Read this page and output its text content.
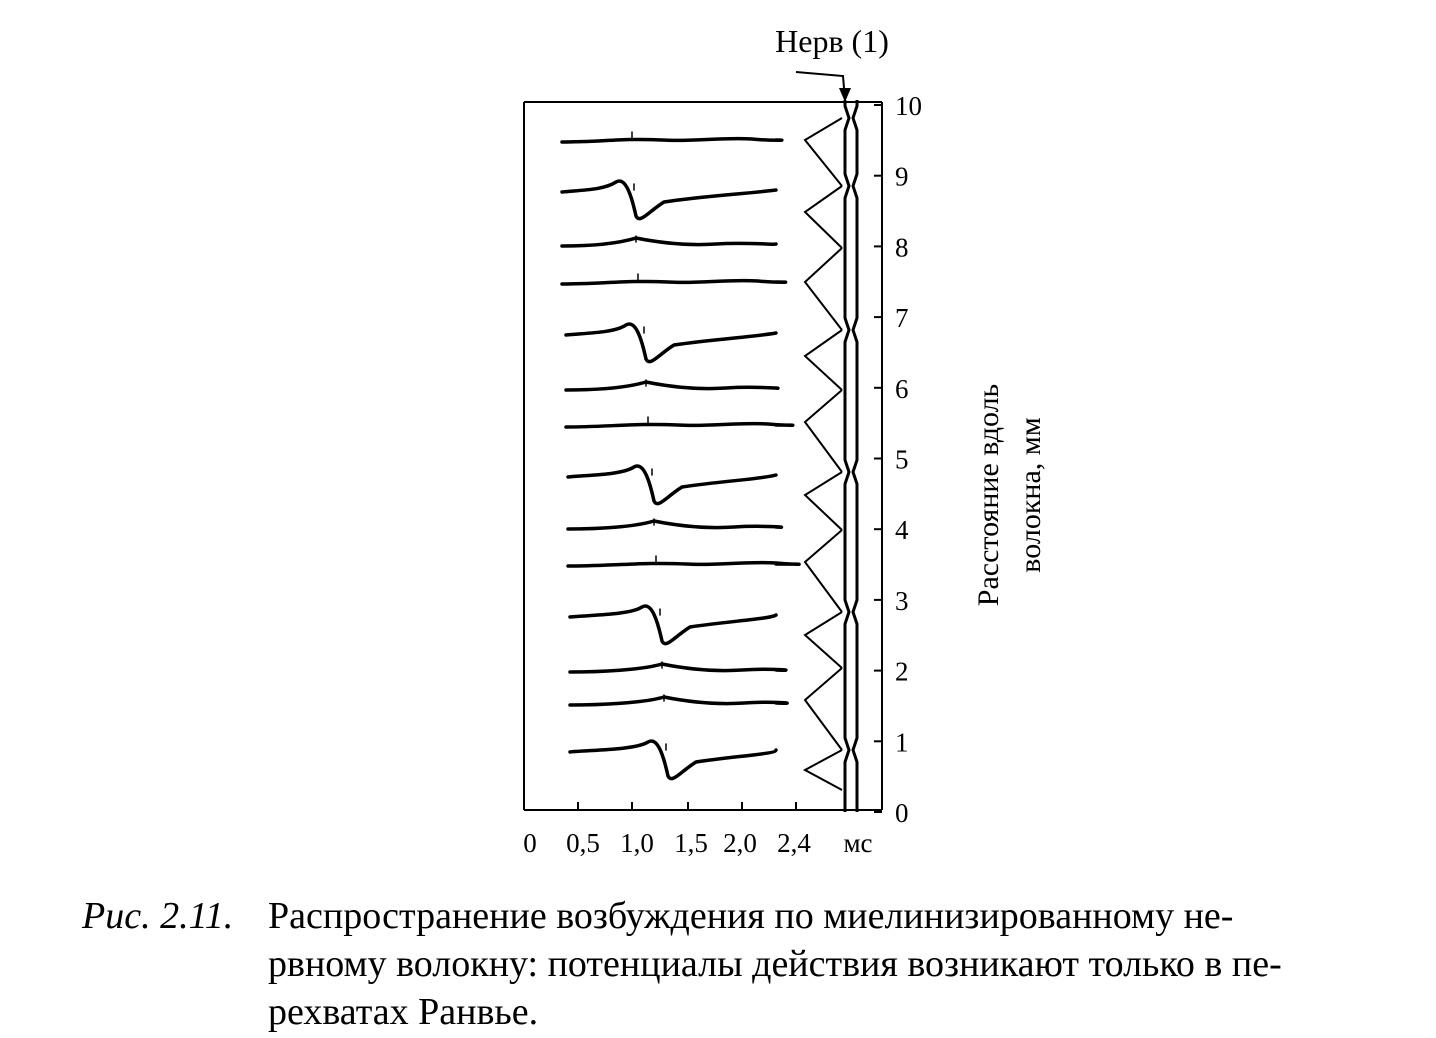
0 0,5 1,0 1,5 2,0 2,4 мс
0
1
2
3
4
5
6
7
8
9
10
Расстояние вдоль волокна, мм
Нерв (1)
Рис. 2.11. Распространение возбуждения по миелинизированному не-
рвному волокну: потенциалы действия возникают только в пе-
рехватах Ранвье.
